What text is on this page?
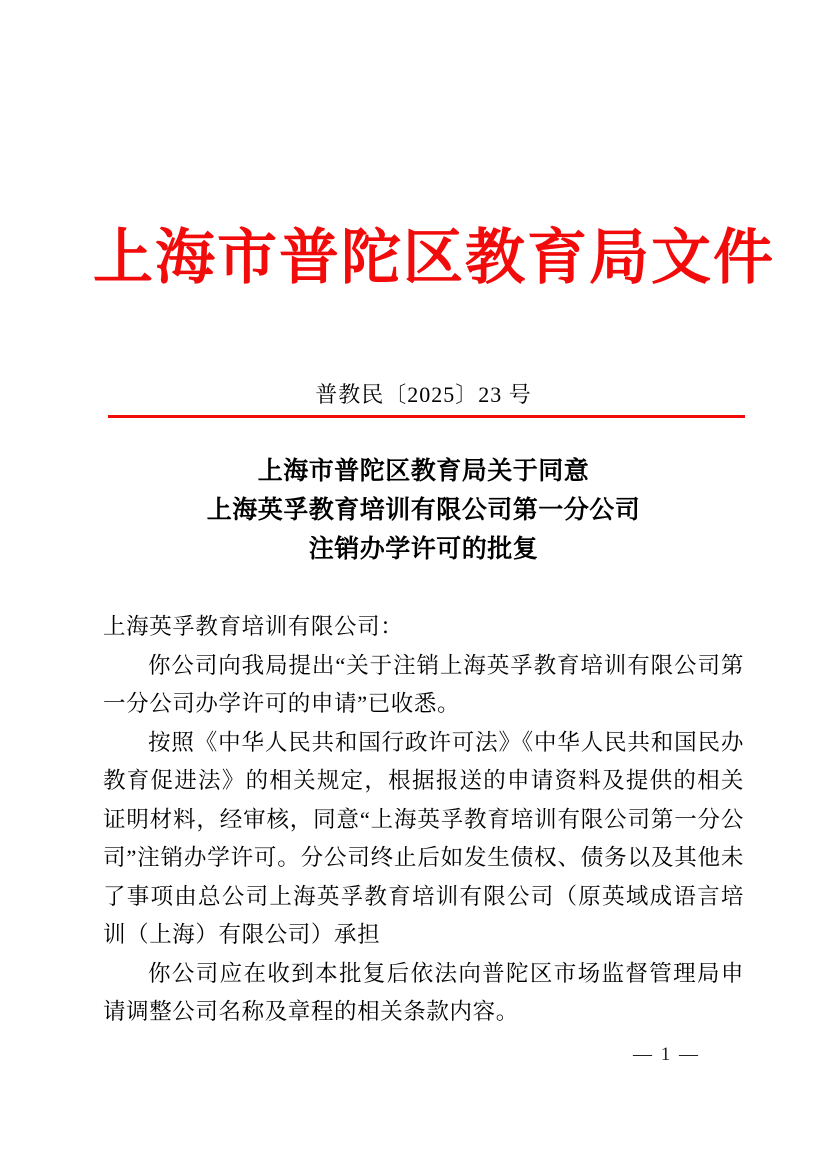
上海市普陀区教育局文件
普教民〔2025〕23 号
上海市普陀区教育局关于同意
上海英孚教育培训有限公司第一分公司
注销办学许可的批复

上海英孚教育培训有限公司：

你公司向我局提出“关于注销上海英孚教育培训有限公司第一分公司办学许可的申请”已收悉。

按照《中华人民共和国行政许可法》《中华人民共和国民办教育促进法》的相关规定，根据报送的申请资料及提供的相关证明材料，经审核，同意“上海英孚教育培训有限公司第一分公司”注销办学许可。分公司终止后如发生债权、债务以及其他未了事项由总公司上海英孚教育培训有限公司（原英域成语言培训（上海）有限公司）承担

你公司应在收到本批复后依法向普陀区市场监督管理局申请调整公司名称及章程的相关条款内容。

— 1 —
